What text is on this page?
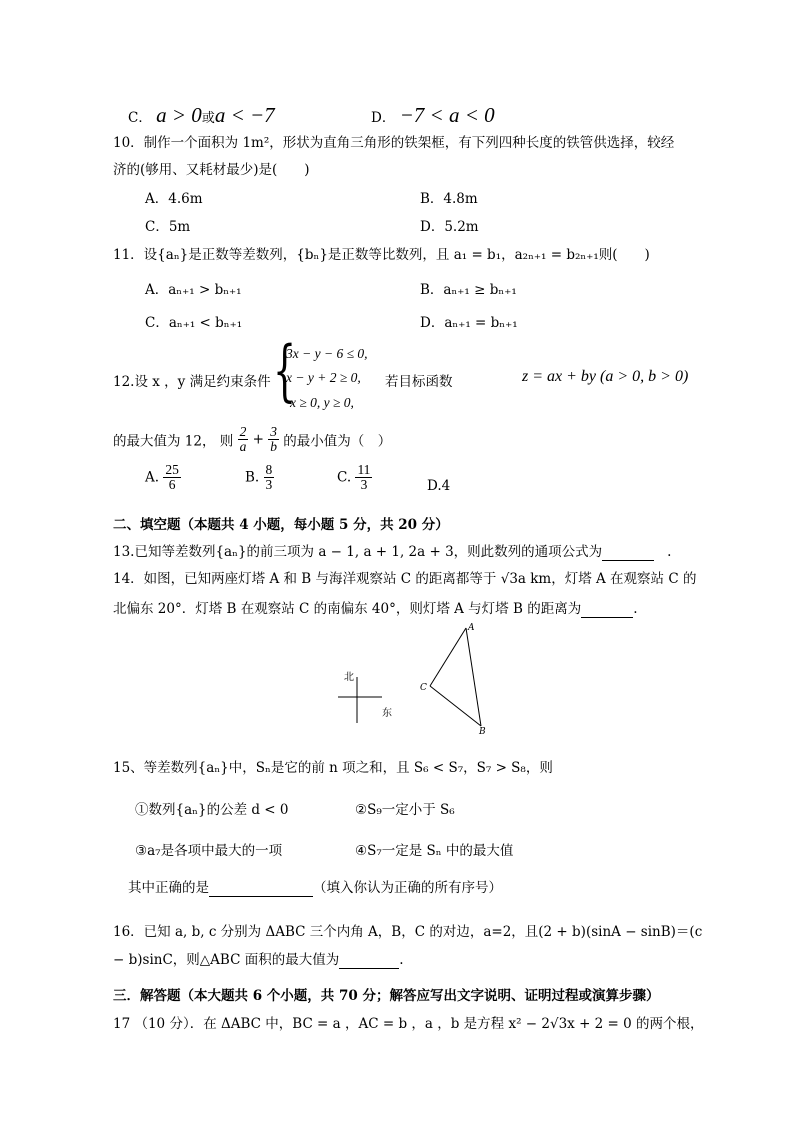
C． a > 0或a < −7	D． −7 < a < 0
10．制作一个面积为 1m²，形状为直角三角形的铁架框，有下列四种长度的铁管供选择，较经
济的(够用、又耗材最少)是(　　)
A．4.6m	B．4.8m
C．5m	D．5.2m
11．设{aₙ}是正数等差数列，{bₙ}是正数等比数列，且 a₁ = b₁，a₂ₙ₊₁ = b₂ₙ₊₁则(　　)
A．aₙ₊₁ > bₙ₊₁	B．aₙ₊₁ ≥ bₙ₊₁
C．aₙ₊₁ < bₙ₊₁	D．aₙ₊₁ = bₙ₊₁
12.设 x ，y 满足约束条件 {
3x − y − 6 ≤ 0,
x − y + 2 ≥ 0,
x ≥ 0, y ≥ 0,
若目标函数	z = ax + by (a > 0, b > 0)
的最大值为 12， 则 $\frac{2}{a} + \frac{3}{b}$ 的最小值为（　）
A. $\frac{25}{6}$	B. $\frac{8}{3}$	C. $\frac{11}{3}$	D.4
二、填空题（本题共 4 小题，每小题 5 分，共 20 分）
13.已知等差数列{aₙ}的前三项为 a − 1, a + 1, 2a + 3，则此数列的通项公式为	.
14．如图，已知两座灯塔 A 和 B 与海洋观察站 C 的距离都等于 √3a km，灯塔 A 在观察站 C 的
北偏东 20°．灯塔 B 在观察站 C 的南偏东 40°，则灯塔 A 与灯塔 B 的距离为	.
北
东
A
B
C
15、等差数列{aₙ}中，Sₙ是它的前 n 项之和，且 S₆ < S₇，S₇ > S₈，则
①数列{aₙ}的公差 d < 0	②S₉一定小于 S₆
③a₇是各项中最大的一项	④S₇一定是 Sₙ 中的最大值
其中正确的是	（填入你认为正确的所有序号）
16．已知 a, b, c 分别为 ΔABC 三个内角 A，B，C 的对边，a=2，且(2 + b)(sinA − sinB)＝(c
− b)sinC，则△ABC 面积的最大值为	.
三．解答题（本大题共 6 个小题，共 70 分；解答应写出文字说明、证明过程或演算步骤）
17 （10 分）．在 ΔABC 中，BC = a ，AC = b ，a ，b 是方程 x² − 2√3x + 2 = 0 的两个根，
